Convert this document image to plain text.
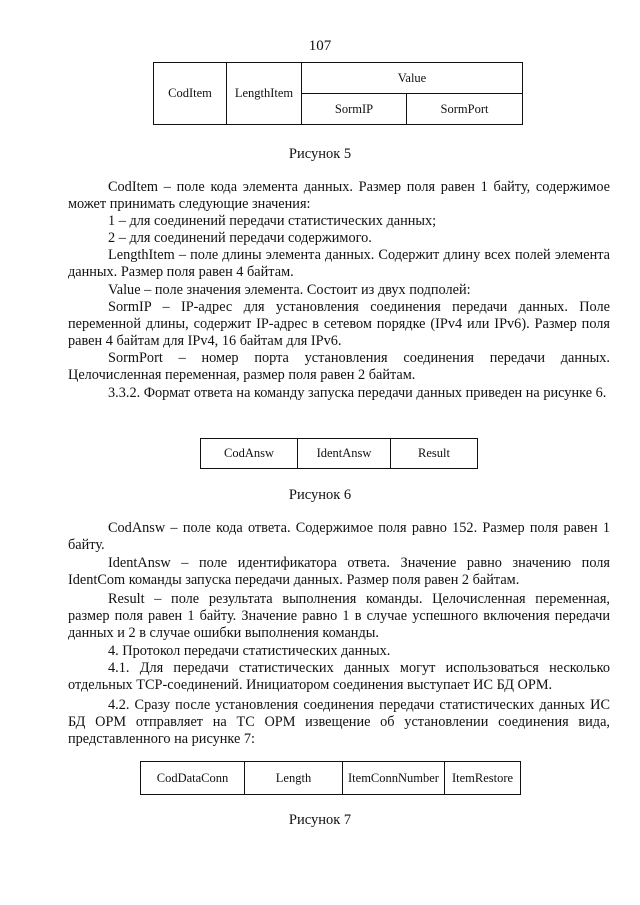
107
CodItem	LengthItem	Value	
		SormIP	SormPort
Рисунок 5

CodItem – поле кода элемента данных. Размер поля равен 1 байту, содержимое может принимать следующие значения:

1 – для соединений передачи статистических данных;

2 – для соединений передачи содержимого.

LengthItem – поле длины элемента данных. Содержит длину всех полей элемента данных. Размер поля равен 4 байтам.

Value – поле значения элемента. Состоит из двух подполей:

SormIP – IP-адрес для установления соединения передачи данных. Поле переменной длины, содержит IP-адрес в сетевом порядке (IPv4 или IPv6). Размер поля равен 4 байтам для IPv4, 16 байтам для IPv6.

SormPort – номер порта установления соединения передачи данных. Целочисленная переменная, размер поля равен 2 байтам.

3.3.2. Формат ответа на команду запуска передачи данных приведен на рисунке 6.

CodAnsw	IdentAnsw	Result
Рисунок 6

CodAnsw – поле кода ответа. Содержимое поля равно 152. Размер поля равен 1 байту.

IdentAnsw – поле идентификатора ответа. Значение равно значению поля IdentCom команды запуска передачи данных. Размер поля равен 2 байтам.

Result – поле результата выполнения команды. Целочисленная переменная, размер поля равен 1 байту. Значение равно 1 в случае успешного включения передачи данных и 2 в случае ошибки выполнения команды.

4. Протокол передачи статистических данных.

4.1. Для передачи статистических данных могут использоваться несколько отдельных TCP-соединений. Инициатором соединения выступает ИС БД ОРМ.

4.2. Сразу после установления соединения передачи статистических данных ИС БД ОРМ отправляет на ТС ОРМ извещение об установлении соединения вида, представленного на рисунке 7:

CodDataConn	Length	ItemConnNumber	ItemRestore
Рисунок 7
